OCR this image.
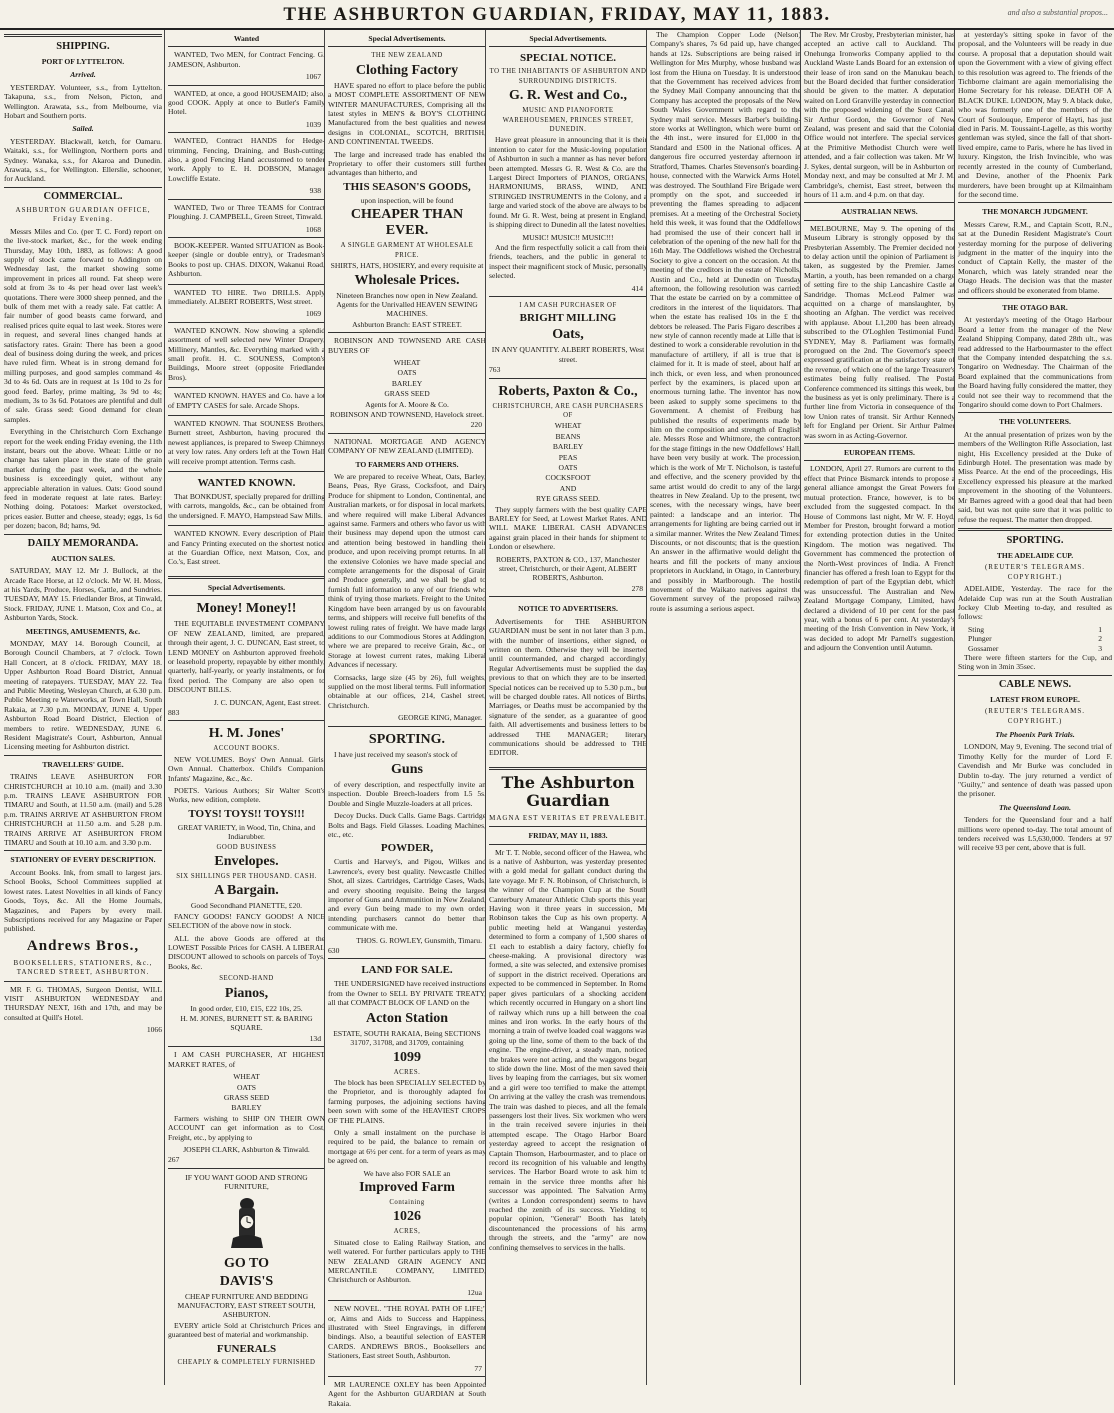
THE ASHBURTON GUARDIAN, FRIDAY, MAY 11, 1883.	and also a substantial propos...
SHIPPING.
PORT OF LYTTELTON.
Arrived.

YESTERDAY. Volunteer, s.s., from Lyttelton. Takapuna, s.s., from Nelson, Picton, and Wellington. Arawata, s.s., from Melbourne, via Hobart and Southern ports.

Sailed.

YESTERDAY. Blackwall, ketch, for Oamaru. Waitaki, s.s., for Wellington, Northern ports and Sydney. Wanaka, s.s., for Akaroa and Dunedin. Arawata, s.s., for Wellington. Ellerslie, schooner, for Auckland.

COMMERCIAL.
ASHBURTON GUARDIAN OFFICE, Friday Evening.

Messrs Miles and Co. (per T. C. Ford) report on the live-stock market, &c., for the week ending Thursday, May 10th, 1883, as follows: A good supply of stock came forward to Addington on Wednesday last, the market showing some improvement in prices all round. Fat sheep were sold at from 3s to 4s per head over last week's quotations. There were 3000 sheep penned, and the bulk of them met with a ready sale. Fat cattle: A fair number of good beasts came forward, and realised prices quite equal to last week. Stores were in request, and several lines changed hands at satisfactory rates. Grain: There has been a good deal of business doing during the week, and prices have ruled firm. Wheat is in strong demand for milling purposes, and good samples command 4s 3d to 4s 6d. Oats are in request at 1s 10d to 2s for good feed. Barley, prime malting, 3s 9d to 4s; medium, 3s to 3s 6d. Potatoes are plentiful and dull of sale. Grass seed: Good demand for clean samples.

Everything in the Christchurch Corn Exchange report for the week ending Friday evening, the 11th instant, bears out the above. Wheat: Little or no change has taken place in the state of the grain market during the past week, and the whole business is exceedingly quiet, without any appreciable alteration in values. Oats: Good sound feed in moderate request at late rates. Barley: Nothing doing. Potatoes: Market overstocked, prices easier. Butter and cheese, steady; eggs, 1s 6d per dozen; bacon, 8d; hams, 9d.

DAILY MEMORANDA.
AUCTION SALES.

SATURDAY, MAY 12. Mr J. Bullock, at the Arcade Race Horse, at 12 o'clock. Mr W. H. Moss, at his Yards, Produce, Horses, Cattle, and Sundries. TUESDAY, MAY 15. Friedlander Bros, at Tinwald, Stock. FRIDAY, JUNE 1. Matson, Cox and Co., at Ashburton Yards, Stock.

MEETINGS, AMUSEMENTS, &c.

MONDAY, MAY 14. Borough Council, at Borough Council Chambers, at 7 o'clock. Town Hall Concert, at 8 o'clock. FRIDAY, MAY 18. Upper Ashburton Road Board District, Annual meeting of ratepayers. TUESDAY, MAY 22. Tea and Public Meeting, Wesleyan Church, at 6.30 p.m. Public Meeting re Waterworks, at Town Hall, South Rakaia, at 7.30 p.m. MONDAY, JUNE 4. Upper Ashburton Road Board District, Election of members to retire. WEDNESDAY, JUNE 6. Resident Magistrate's Court, Ashburton, Annual Licensing meeting for Ashburton district.

TRAVELLERS' GUIDE.

TRAINS LEAVE ASHBURTON FOR CHRISTCHURCH at 10.10 a.m. (mail) and 3.30 p.m. TRAINS LEAVE ASHBURTON FOR TIMARU and South, at 11.50 a.m. (mail) and 5.28 p.m. TRAINS ARRIVE AT ASHBURTON FROM CHRISTCHURCH at 11.50 a.m. and 5.28 p.m. TRAINS ARRIVE AT ASHBURTON FROM TIMARU and South at 10.10 a.m. and 3.30 p.m.

STATIONERY OF EVERY DESCRIPTION.

Account Books. Ink, from small to largest jars. School Books, School Committees supplied at lowest rates. Latest Novelties in all kinds of Fancy Goods, Toys, &c. All the Home Journals, Magazines, and Papers by every mail. Subscriptions received for any Magazine or Paper published.

Andrews Bros.,
BOOKSELLERS, STATIONERS, &c., TANCRED STREET, ASHBURTON.

MR F. G. THOMAS, Surgeon Dentist, WILL VISIT ASHBURTON WEDNESDAY and THURSDAY NEXT, 16th and 17th, and may be consulted at Quill's Hotel.

1066
Wanted

WANTED, Two MEN, for Contract Fencing. G. JAMESON, Ashburton.

1067

WANTED, at once, a good HOUSEMAID; also, good COOK. Apply at once to Butler's Family Hotel.

1039

WANTED, Contract HANDS for Hedge-trimming, Fencing, Draining, and Bush-cutting; also, a good Fencing Hand accustomed to tender work. Apply to E. H. DOBSON, Manager Lowcliffe Estate.

938

WANTED, Two or Three TEAMS for Contract Ploughing. J. CAMPBELL, Green Street, Tinwald.

1068

BOOK-KEEPER. Wanted SITUATION as Book-keeper (single or double entry), or Tradesman's Books to post up. CHAS. DIXON, Wakanui Road, Ashburton.

WANTED TO HIRE. Two DRILLS. Apply immediately. ALBERT ROBERTS, West street.

1069

WANTED KNOWN. Now showing a splendid assortment of well selected new Winter Drapery, Millinery, Mantles, &c. Everything marked with a small profit. H. C. SOUNESS, Compton's Buildings, Moore street (opposite Friedlander Bros).

WANTED KNOWN. HAYES and Co. have a lot of EMPTY CASES for sale. Arcade Shops.

WANTED KNOWN. That SOUNESS Brothers, Burnett street, Ashburton, having procured the newest appliances, is prepared to Sweep Chimneys at very low rates. Any orders left at the Town Hall will receive prompt attention. Terms cash.

WANTED KNOWN.

That BONKDUST, specially prepared for drilling with carrots, mangolds, &c., can be obtained from the undersigned. F. MAYO, Hampstead Saw Mills.

WANTED KNOWN. Every description of Plain and Fancy Printing executed on the shortest notice at the Guardian Office, next Matson, Cox, and Co.'s, East street.

Special Advertisements.
Money! Money!!

THE EQUITABLE INVESTMENT COMPANY OF NEW ZEALAND, limited, are prepared, through their agent, J. C. DUNCAN, East street, to LEND MONEY on Ashburton approved freehold or leasehold property, repayable by either monthly, quarterly, half-yearly, or yearly instalments, or for fixed period. The Company are also open to DISCOUNT BILLS.

J. C. DUNCAN, Agent, East street.
883
H. M. Jones'
ACCOUNT BOOKS.

NEW VOLUMES. Boys' Own Annual. Girls' Own Annual. Chatterbox. Child's Companion. Infants' Magazine, &c., &c.

POETS. Various Authors; Sir Walter Scott's Works, new edition, complete.

TOYS! TOYS!! TOYS!!!

GREAT VARIETY, in Wood, Tin, China, and Indiarubber.

GOOD BUSINESS
Envelopes.
SIX SHILLINGS PER THOUSAND. CASH.
A Bargain.

Good Secondhand PIANETTE, £20.

FANCY GOODS! FANCY GOODS! A NICE SELECTION of the above now in stock.

ALL the above Goods are offered at the LOWEST Possible Prices for CASH. A LIBERAL DISCOUNT allowed to schools on parcels of Toys, Books, &c.

SECOND-HAND
Pianos,

In good order, £10, £15, £22 10s, 25.

H. M. JONES, BURNETT ST. & BARING SQUARE.
13d

I AM CASH PURCHASER, AT HIGHEST MARKET RATES, of

WHEAT
OATS
GRASS SEED
BARLEY

Farmers wishing to SHIP ON THEIR OWN ACCOUNT can get information as to Cost, Freight, etc., by applying to

JOSEPH CLARK, Ashburton & Tinwald.
267

IF YOU WANT GOOD AND STRONG FURNITURE,

GO TO
DAVIS'S

CHEAP FURNITURE AND BEDDING MANUFACTORY, EAST STREET SOUTH, ASHBURTON.

EVERY article Sold at Christchurch Prices and guaranteed best of material and workmanship.

FUNERALS
CHEAPLY & COMPLETELY FURNISHED
Special Advertisements.
THE NEW ZEALAND
Clothing Factory

HAVE spared no effort to place before the public a MOST COMPLETE ASSORTMENT OF NEW WINTER MANUFACTURES, Comprising all the latest styles in MEN'S & BOY'S CLOTHING Manufactured from the best qualities and newest designs in COLONIAL, SCOTCH, BRITISH, AND CONTINENTAL TWEEDS.

The large and increased trade has enabled the Proprietary to offer their customers still further advantages than hitherto, and

THIS SEASON'S GOODS,

upon inspection, will be found

CHEAPER THAN EVER.
A SINGLE GARMENT AT WHOLESALE PRICE.

SHIRTS, HATS, HOSIERY, and every requisite at

Wholesale Prices.

Nineteen Branches now open in New Zealand. Agents for the Unrivalled HEAVEN SEWING MACHINES.

Ashburton Branch: EAST STREET.

ROBINSON AND TOWNSEND ARE CASH BUYERS OF

WHEAT
OATS
BARLEY
GRASS SEED

Agents for A. Moore & Co.

ROBINSON AND TOWNSEND, Havelock street.
220

NATIONAL MORTGAGE AND AGENCY COMPANY OF NEW ZEALAND (LIMITED).

TO FARMERS AND OTHERS.

We are prepared to receive Wheat, Oats, Barley, Beans, Peas, Rye Grass, Cocksfoot, and Dairy Produce for shipment to London, Continental, and Australian markets, or for disposal in local markets, and where required will make Liberal Advances against same. Farmers and others who favor us with their business may depend upon the utmost care and attention being bestowed in handling their produce, and upon receiving prompt returns. In all the extensive Colonies we have made special and complete arrangements for the disposal of Grain and Produce generally, and we shall be glad to furnish full information to any of our friends who think of trying those markets. Freight to the United Kingdom have been arranged by us on favourable terms, and shippers will receive full benefits of the lowest ruling rates of freight. We have made large additions to our Commodious Stores at Addington, where we are prepared to receive Grain, &c., on Storage at lowest current rates, making Liberal Advances if necessary.

Cornsacks, large size (45 by 26), full weights, supplied on the most liberal terms. Full information obtainable at our offices, 214, Cashel street, Christchurch.

GEORGE KING, Manager.
SPORTING.

I have just received my season's stock of

Guns

of every description, and respectfully invite an inspection. Double Breech-loaders from L5 5s. Double and Single Muzzle-loaders at all prices.

Decoy Ducks. Duck Calls. Game Bags. Cartridge Bolts and Bags. Field Glasses. Loading Machines, etc., etc.

POWDER,

Curtis and Harvey's, and Pigou, Wilkes and Lawrence's, every best quality. Newcastle Chilled Shot, all sizes. Cartridges, Cartridge Cases, Wads, and every shooting requisite. Being the largest importer of Guns and Ammunition in New Zealand, and every Gun being made to my own order, intending purchasers cannot do better than communicate with me.

THOS. G. ROWLEY, Gunsmith, Timaru.
630
LAND FOR SALE.

THE UNDERSIGNED have received instructions from the Owner to SELL BY PRIVATE TREATY, all that COMPACT BLOCK OF LAND on the

Acton Station

ESTATE, SOUTH RAKAIA, Being SECTIONS 31707, 31708, and 31709, containing

1099
ACRES.

The block has been SPECIALLY SELECTED by the Proprietor, and is thoroughly adapted for farming purposes, the adjoining sections having been sown with some of the HEAVIEST CROPS OF THE PLAINS.

Only a small instalment on the purchase is required to be paid, the balance to remain on mortgage at 6½ per cent. for a term of years as may be agreed on.

We have also FOR SALE an

Improved Farm
Containing
1026
ACRES,

Situated close to Ealing Railway Station, and well watered. For further particulars apply to THE NEW ZEALAND GRAIN AGENCY AND MERCANTILE COMPANY, LIMITED, Christchurch or Ashburton.

12ua

NEW NOVEL. "THE ROYAL PATH OF LIFE;" or, Aims and Aids to Success and Happiness, illustrated with Steel Engravings, in different bindings. Also, a beautiful selection of EASTER CARDS. ANDREWS BROS., Booksellers and Stationers, East street South, Ashburton.

77

MR LAURENCE OXLEY has been Appointed Agent for the Ashburton GUARDIAN at South Rakaia.

Special Advertisements.
SPECIAL NOTICE.
TO THE INHABITANTS OF ASHBURTON AND SURROUNDING DISTRICTS.
G. R. West and Co.,
MUSIC AND PIANOFORTE WAREHOUSEMEN, PRINCES STREET, DUNEDIN.

Have great pleasure in announcing that it is their intention to cater for the Music-loving population of Ashburton in such a manner as has never before been attempted. Messrs G. R. West & Co. are the Largest Direct Importers of PIANOS, ORGANS, HARMONIUMS, BRASS, WIND, AND STRINGED INSTRUMENTS in the Colony, and a large and varied stock of the above are always to be found. Mr G. R. West, being at present in England, is shipping direct to Dunedin all the latest novelties.

MUSIC! MUSIC!! MUSIC!!!

And the firm respectfully solicit a call from their friends, teachers, and the public in general to inspect their magnificent stock of Music, personally selected.

414
I AM CASH PURCHASER OF
BRIGHT MILLING
Oats,

IN ANY QUANTITY. ALBERT ROBERTS, West street.

763
Roberts, Paxton & Co.,
CHRISTCHURCH, ARE CASH PURCHASERS OF
WHEAT
BEANS
BARLEY
PEAS
OATS
COCKSFOOT
AND
RYE GRASS SEED.

They supply farmers with the best quality CAPE BARLEY for Seed, at Lowest Market Rates. AND WILL MAKE LIBERAL CASH ADVANCES against grain placed in their hands for shipment to London or elsewhere.

ROBERTS, PAXTON & CO., 137, Manchester street, Christchurch, or their Agent, ALBERT ROBERTS, Ashburton.
278
NOTICE TO ADVERTISERS.

Advertisements for THE ASHBURTON GUARDIAN must be sent in not later than 3 p.m., with the number of insertions, either signed, or written on them. Otherwise they will be inserted until countermanded, and charged accordingly. Regular Advertisements must be supplied the day previous to that on which they are to be inserted. Special notices can be received up to 5.30 p.m., but will be charged double rates. All notices of Births, Marriages, or Deaths must be accompanied by the signature of the sender, as a guarantee of good faith. All advertisements and business letters to be addressed THE MANAGER; literary communications should be addressed to THE EDITOR.

The Ashburton Guardian
MAGNA EST VERITAS ET PREVALEBIT.
FRIDAY, MAY 11, 1883.

Mr T. T. Noble, second officer of the Hawea, who is a native of Ashburton, was yesterday presented with a gold medal for gallant conduct during the late voyage. Mr F. N. Robinson, of Christchurch, is the winner of the Champion Cup at the South Canterbury Amateur Athletic Club sports this year. Having won it three years in succession, Mr Robinson takes the Cup as his own property. A public meeting held at Wanganui yesterday determined to form a company of 1,500 shares of £1 each to establish a dairy factory, chiefly for cheese-making. A provisional directory was formed, a site was selected, and extensive promises of support in the district received. Operations are expected to be commenced in September. In Rome paper gives particulars of a shocking accident which recently occurred in Hungary on a short line of railway which runs up a hill between the coal mines and iron works. In the early hours of the morning a train of twelve loaded coal waggons was going up the line, some of them to the back of the engine. The engine-driver, a steady man, noticed the brakes were not acting, and the waggons began to slide down the line. Most of the men saved their lives by leaping from the carriages, but six women and a girl were too terrified to make the attempt. On arriving at the valley the crash was tremendous. The train was dashed to pieces, and all the female passengers lost their lives. Six workmen who were in the train received severe injuries in their attempted escape. The Otago Harbor Board yesterday agreed to accept the resignation of Captain Thomson, Harbourmaster, and to place on record its recognition of his valuable and lengthy services. The Harbor Board wrote to ask him to remain in the service three months after his successor was appointed. The Salvation Army (writes a London correspondent) seems to have reached the zenith of its success. Yielding to popular opinion, "General" Booth has lately discountenanced the processions of his army through the streets, and the "army" are now confining themselves to services in the halls.

The Champion Copper Lode (Nelson) Company's shares, 7s 6d paid up, have changed hands at 12s. Subscriptions are being raised in Wellington for Mrs Murphy, whose husband was lost from the Hiuna on Tuesday. It is understood that the Government has received advices from the Sydney Mail Company announcing that the Company has accepted the proposals of the New South Wales Government with regard to the Sydney mail service. Messrs Barber's building-store works at Wellington, which were burnt on the 4th inst., were insured for £1,000 in the Standard and £500 in the National offices. A dangerous fire occurred yesterday afternoon in Stratford, Thames. Charles Stevenson's boarding-house, connected with the Warwick Arms Hotel, was destroyed. The Southland Fire Brigade were promptly on the spot, and succeeded in preventing the flames spreading to adjacent premises. At a meeting of the Orchestral Society held this week, it was found that the Oddfellows had promised the use of their concert hall in celebration of the opening of the new hall for the 16th May. The Oddfellows wished the Orchestral Society to give a concert on the occasion. At the meeting of the creditors in the estate of Nicholls, Austin and Co., held at Dunedin on Tuesday afternoon, the following resolution was carried: That the estate be carried on by a committee of creditors in the interest of the liquidators. That when the estate has realised 10s in the £ the debtors be released. The Paris Figaro describes a new style of cannon recently made at Lille that is destined to work a considerable revolution in the manufacture of artillery, if all is true that is claimed for it. It is made of steel, about half an inch thick, or even less, and when pronounced perfect by the examiners, is placed upon an enormous turning lathe. The inventor has now been asked to supply some specimens to the Government. A chemist of Freiburg has published the results of experiments made by him on the composition and strength of English ale. Messrs Rose and Whitmore, the contractors for the stage fittings in the new Oddfellows' Hall, have been very busily at work. The procession, which is the work of Mr T. Nicholson, is tasteful and effective, and the scenery provided by the same artist would do credit to any of the large theatres in New Zealand. Up to the present, two scenes, with the necessary wings, have been painted: a landscape and an interior. The arrangements for lighting are being carried out in a similar manner. Writes the New Zealand Times: Discounts, or not discounts; that is the question. An answer in the affirmative would delight the hearts and fill the pockets of many anxious proprietors in Auckland, in Otago, in Canterbury, and possibly in Marlborough. The hostile movement of the Waikato natives against the Government survey of the proposed railway route is assuming a serious aspect.

The Rev. Mr Crosby, Presbyterian minister, has accepted an active call to Auckland. The Onehunga Ironworks Company applied to the Auckland Waste Lands Board for an extension of their lease of iron sand on the Manukau beach, but the Board decided that further consideration should be given to the matter. A deputation waited on Lord Granville yesterday in connection with the proposed widening of the Suez Canal. Sir Arthur Gordon, the Governor of New Zealand, was present and said that the Colonial Office would not interfere. The special services at the Primitive Methodist Church were well attended, and a fair collection was taken. Mr W. J. Sykes, dental surgeon, will be in Ashburton on Monday next, and may be consulted at Mr J. M. Cambridge's, chemist, East street, between the hours of 11 a.m. and 4 p.m. on that day.

AUSTRALIAN NEWS.

MELBOURNE, May 9. The opening of the Museum Library is strongly opposed by the Presbyterian Assembly. The Premier decided not to delay action until the opinion of Parliament is taken, as suggested by the Premier. James Martin, a youth, has been remanded on a charge of setting fire to the ship Lancashire Castle at Sandridge. Thomas McLeod Palmer was acquitted on a charge of manslaughter, by shooting an Afghan. The verdict was received with applause. About L1,200 has been already subscribed to the O'Loghlen Testimonial Fund. SYDNEY, May 8. Parliament was formally prorogued on the 2nd. The Governor's speech expressed gratification at the satisfactory state of the revenue, of which one of the large Treasurer's estimates being fully realised. The Postal Conference commenced its sittings this week, but the business as yet is only preliminary. There is a further line from Victoria in consequence of the low Union rates of transit. Sir Arthur Kennedy left for England per Orient. Sir Arthur Palmer was sworn in as Acting-Governor.

EUROPEAN ITEMS.

LONDON, April 27. Rumors are current to the effect that Prince Bismarck intends to propose a general alliance amongst the Great Powers for mutual protection. France, however, is to be excluded from the suggested compact. In the House of Commons last night, Mr W. F. Hoyd, Member for Preston, brought forward a motion for extending protection duties in the United Kingdom. The motion was negatived. The Government has commenced the protection of the North-West provinces of India. A French financier has offered a fresh loan to Egypt for the redemption of part of the Egyptian debt, which was unsuccessful. The Australian and New Zealand Mortgage Company, Limited, have declared a dividend of 10 per cent for the past year, with a bonus of 6 per cent. At yesterday's meeting of the Irish Convention in New York, it was decided to adopt Mr Parnell's suggestion, and adjourn the Convention until Autumn.

at yesterday's sitting spoke in favor of the proposal, and the Volunteers will be ready in due course. A proposal that a deputation should wait upon the Government with a view of giving effect to this resolution was agreed to. The friends of the Tichborne claimant are again memorialising the Home Secretary for his release. DEATH OF A BLACK DUKE. LONDON, May 9. A black duke, who was formerly one of the members of the Court of Soulouque, Emperor of Hayti, has just died in Paris. M. Toussaint-Lagelle, as this worthy gentleman was styled, since the fall of that short-lived empire, came to Paris, where he has lived in luxury. Kingston, the Irish Invincible, who was recently arrested in the county of Cumberland, and Devine, another of the Phoenix Park murderers, have been brought up at Kilmainham for the second time.

THE MONARCH JUDGMENT.

Messrs Carew, R.M., and Captain Scott, R.N., sat at the Dunedin Resident Magistrate's Court yesterday morning for the purpose of delivering judgment in the matter of the inquiry into the conduct of Captain Kelly, the master of the Monarch, which was lately stranded near the Otago Heads. The decision was that the master and officers should be exonerated from blame.

THE OTAGO BAR.

At yesterday's meeting of the Otago Harbour Board a letter from the manager of the New Zealand Shipping Company, dated 28th ult., was read addressed to the Harbourmaster to the effect that the Company intended despatching the s.s. Tongariro on Wednesday. The Chairman of the Board explained that the communications from the Board having fully considered the matter, they could not see their way to recommend that the Tongariro should come down to Port Chalmers.

THE VOLUNTEERS.

At the annual presentation of prizes won by the members of the Wellington Rifle Association, last night, His Excellency presided at the Duke of Edinburgh Hotel. The presentation was made by Miss Pearce. At the end of the proceedings, His Excellency expressed his pleasure at the marked improvement in the shooting of the Volunteers. Mr Barnes agreed with a good deal that had been said, but was not quite sure that it was politic to refuse the request. The matter then dropped.

SPORTING.
THE ADELAIDE CUP.
(REUTER'S TELEGRAMS. COPYRIGHT.)

ADELAIDE, Yesterday. The race for the Adelaide Cup was run at the South Australian Jockey Club Meeting to-day, and resulted as follows:

Sting	1
Plunger	2
Gossamer	3

There were fifteen starters for the Cup, and Sting won in 3min 35sec.

CABLE NEWS.
LATEST FROM EUROPE.
(REUTER'S TELEGRAMS. COPYRIGHT.)
The Phoenix Park Trials.

LONDON, May 9, Evening. The second trial of Timothy Kelly for the murder of Lord F. Cavendish and Mr Burke was concluded in Dublin to-day. The jury returned a verdict of "Guilty," and sentence of death was passed upon the prisoner.

The Queensland Loan.

Tenders for the Queensland four and a half millions were opened to-day. The total amount of tenders received was L5,630,000. Tenders at 97 will receive 93 per cent, above that is full.
